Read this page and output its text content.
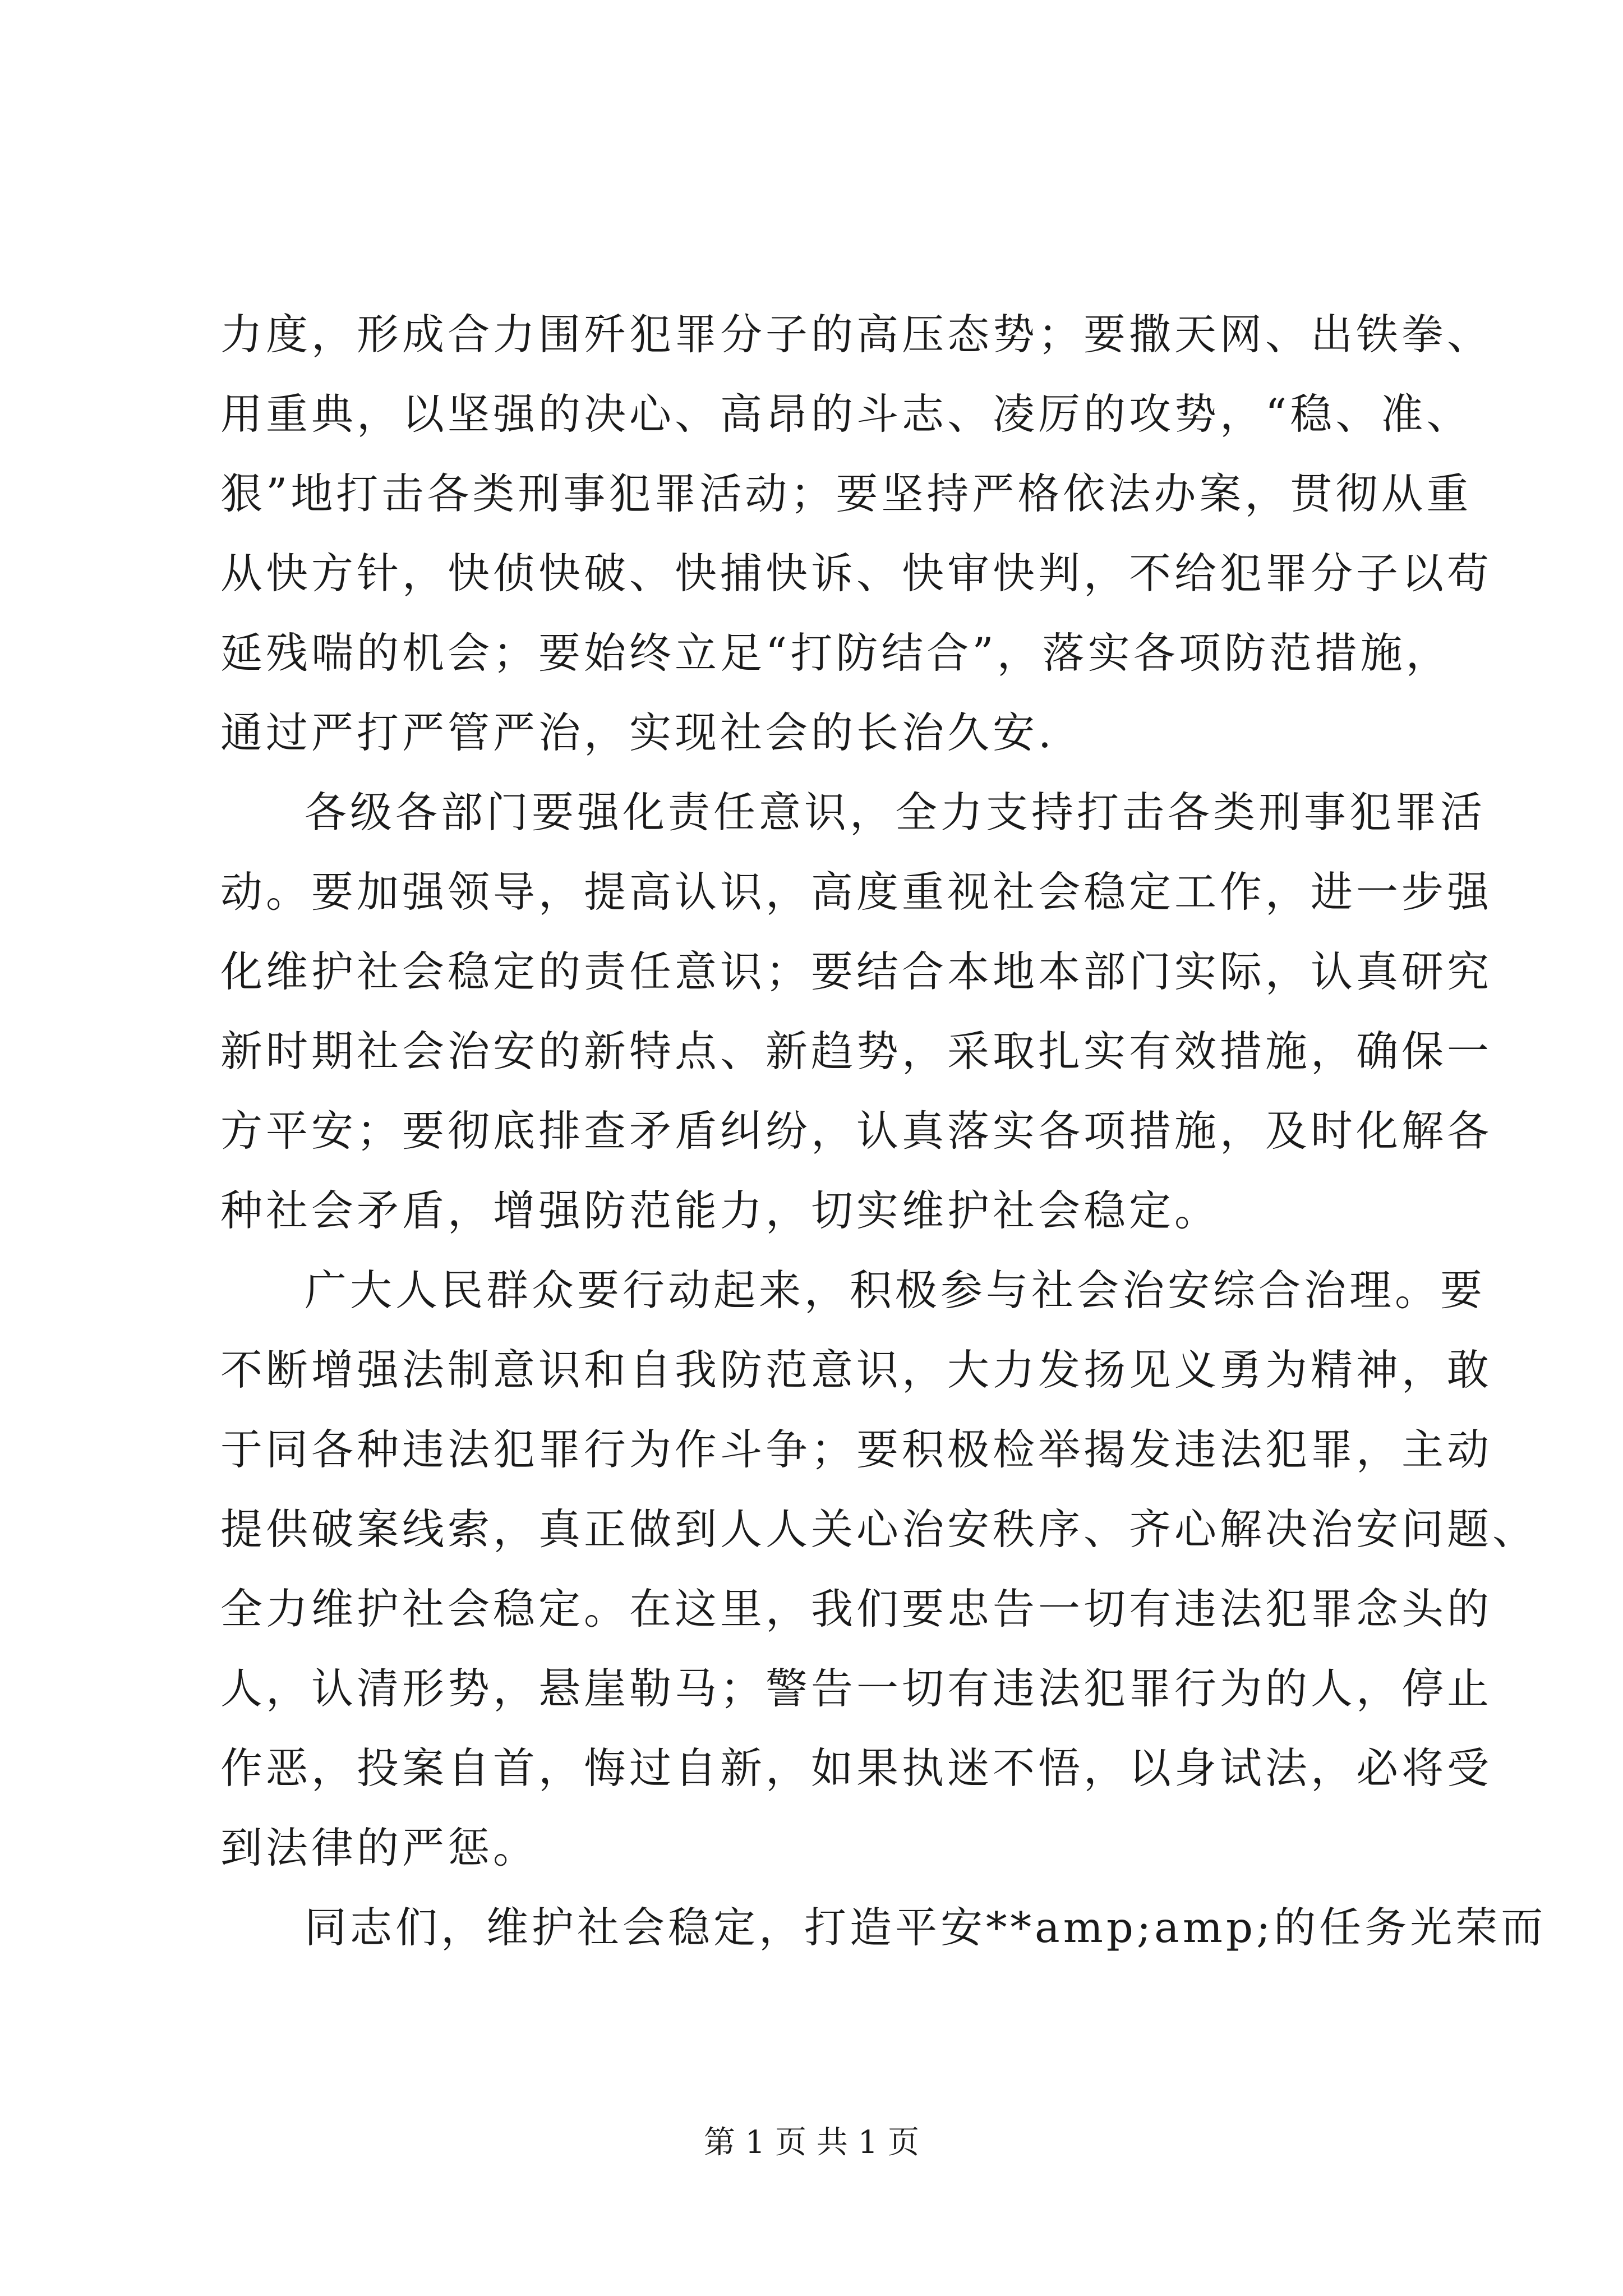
力度，形成合力围歼犯罪分子的高压态势；要撒天网、出铁拳、
用重典，以坚强的决心、高昂的斗志、凌厉的攻势，“稳、准、
狠”地打击各类刑事犯罪活动；要坚持严格依法办案，贯彻从重
从快方针，快侦快破、快捕快诉、快审快判，不给犯罪分子以苟
延残喘的机会；要始终立足“打防结合”，落实各项防范措施，
通过严打严管严治，实现社会的长治久安.
各级各部门要强化责任意识，全力支持打击各类刑事犯罪活
动。要加强领导，提高认识，高度重视社会稳定工作，进一步强
化维护社会稳定的责任意识；要结合本地本部门实际，认真研究
新时期社会治安的新特点、新趋势，采取扎实有效措施，确保一
方平安；要彻底排查矛盾纠纷，认真落实各项措施，及时化解各
种社会矛盾，增强防范能力，切实维护社会稳定。
广大人民群众要行动起来，积极参与社会治安综合治理。要
不断增强法制意识和自我防范意识，大力发扬见义勇为精神，敢
于同各种违法犯罪行为作斗争；要积极检举揭发违法犯罪，主动
提供破案线索，真正做到人人关心治安秩序、齐心解决治安问题、
全力维护社会稳定。在这里，我们要忠告一切有违法犯罪念头的
人，认清形势，悬崖勒马；警告一切有违法犯罪行为的人，停止
作恶，投案自首，悔过自新，如果执迷不悟，以身试法，必将受
到法律的严惩。
同志们，维护社会稳定，打造平安**amp;amp;的任务光荣而
第 1 页 共 1 页
